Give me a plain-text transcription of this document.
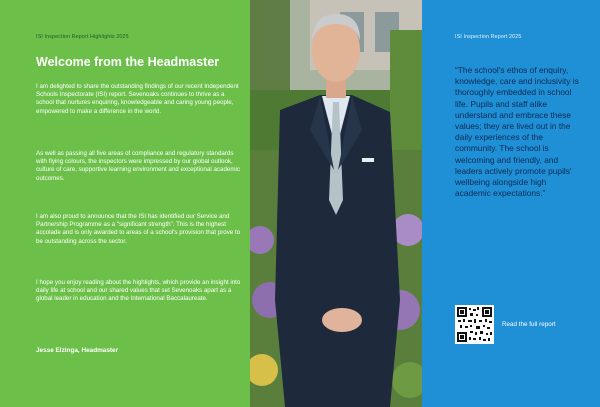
ISI Inspection Report Highlights 2025
Welcome from the Headmaster

I am delighted to share the outstanding findings of our recent Independent Schools Inspectorate (ISI) report. Sevenoaks continues to thrive as a school that nurtures enquiring, knowledgeable and caring young people, empowered to make a difference in the world.

As well as passing all five areas of compliance and regulatory standards with flying colours, the inspectors were impressed by our global outlook, culture of care, supportive learning environment and exceptional academic outcomes.

I am also proud to announce that the ISI has identified our Service and Partnership Programme as a "significant strength". This is the highest accolade and is only awarded to areas of a school's provision that prove to be outstanding across the sector.

I hope you enjoy reading about the highlights, which provide an insight into daily life at school and our shared values that set Sevenoaks apart as a global leader in education and the International Baccalaureate.

Jesse Elzinga, Headmaster
ISI Inspection Report 2025

“The school's ethos of enquiry, knowledge, care and inclusivity is thoroughly embedded in school life. Pupils and staff alike understand and embrace these values; they are lived out in the daily experiences of the community. The school is welcoming and friendly, and leaders actively promote pupils' wellbeing alongside high academic expectations.”

Read the full report
